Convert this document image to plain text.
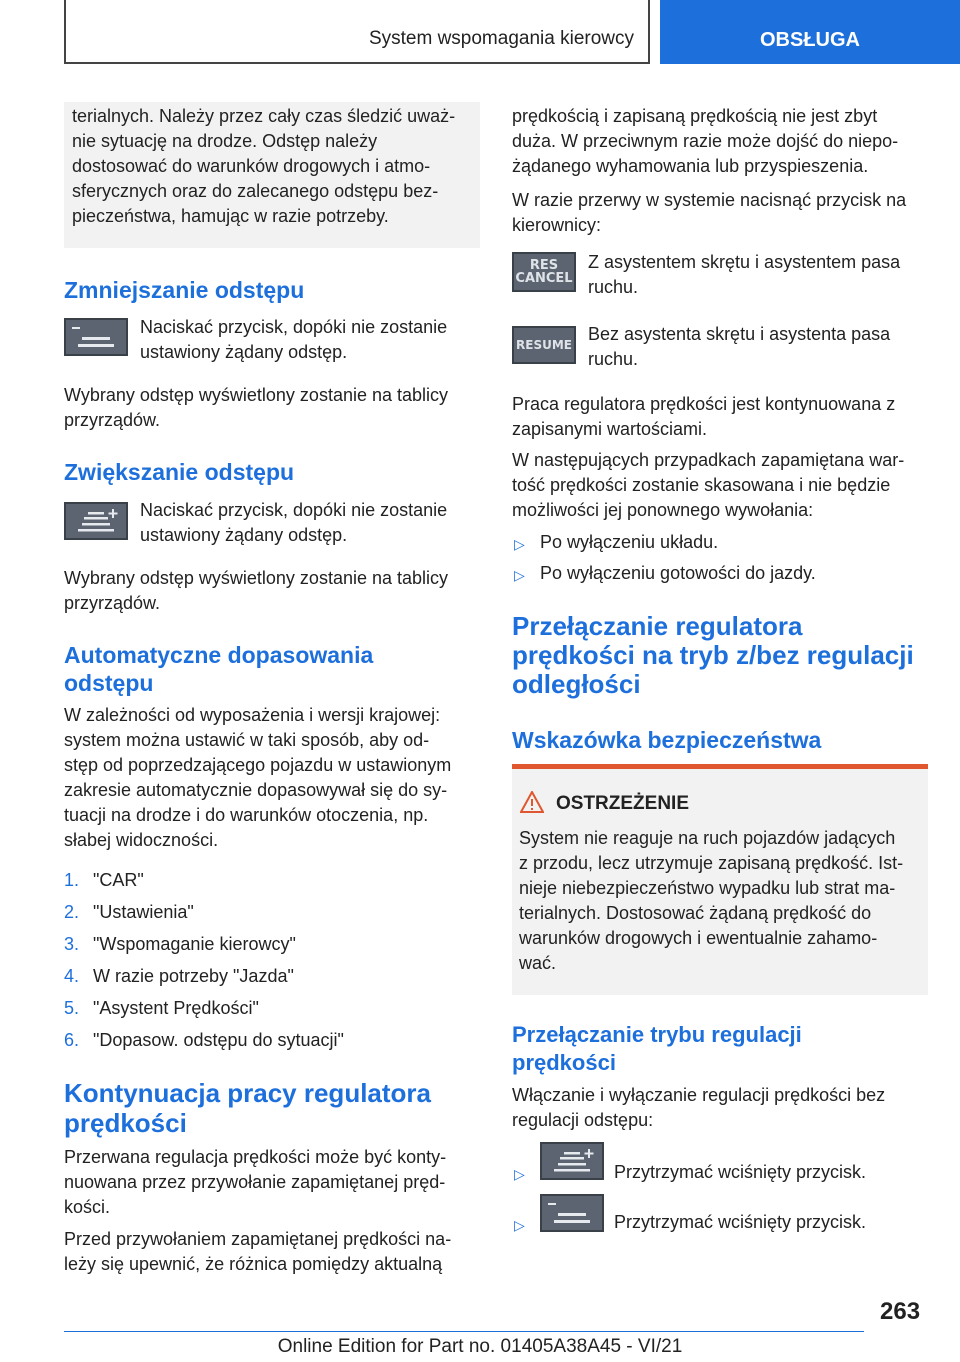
System wspomagania kierowcy	OBSŁUGA
terialnych. Należy przez cały czas śledzić uważ-
nie sytuację na drodze. Odstęp należy
dostosować do warunków drogowych i atmo-
sferycznych oraz do zalecanego odstępu bez-
pieczeństwa, hamując w razie potrzeby.
Zmniejszanie odstępu
Naciskać przycisk, dopóki nie zostanie
ustawiony żądany odstęp.
Wybrany odstęp wyświetlony zostanie na tablicy
przyrządów.
Zwiększanie odstępu
Naciskać przycisk, dopóki nie zostanie
ustawiony żądany odstęp.
Wybrany odstęp wyświetlony zostanie na tablicy
przyrządów.
Automatyczne dopasowania
odstępu
W zależności od wyposażenia i wersji krajowej:
system można ustawić w taki sposób, aby od-
stęp od poprzedzającego pojazdu w ustawionym
zakresie automatycznie dopasowywał się do sy-
tuacji na drodze i do warunków otoczenia, np.
słabej widoczności.
1. "CAR"
2. "Ustawienia"
3. "Wspomaganie kierowcy"
4. W razie potrzeby "Jazda"
5. "Asystent Prędkości"
6. "Dopasow. odstępu do sytuacji"
Kontynuacja pracy regulatora
prędkości
Przerwana regulacja prędkości może być konty-
nuowana przez przywołanie zapamiętanej pręd-
kości.
Przed przywołaniem zapamiętanej prędkości na-
leży się upewnić, że różnica pomiędzy aktualną
prędkością i zapisaną prędkością nie jest zbyt
duża. W przeciwnym razie może dojść do niepo-
żądanego wyhamowania lub przyspieszenia.
W razie przerwy w systemie nacisnąć przycisk na
kierownicy:
RES
CANCEL
Z asystentem skrętu i asystentem pasa
ruchu.
RESUME
Bez asystenta skrętu i asystenta pasa
ruchu.
Praca regulatora prędkości jest kontynuowana z
zapisanymi wartościami.
W następujących przypadkach zapamiętana war-
tość prędkości zostanie skasowana i nie będzie
możliwości jej ponownego wywołania:
▷ Po wyłączeniu układu.
▷ Po wyłączeniu gotowości do jazdy.
Przełączanie regulatora
prędkości na tryb z/bez regulacji
odległości
Wskazówka bezpieczeństwa
OSTRZEŻENIE
System nie reaguje na ruch pojazdów jadących
z przodu, lecz utrzymuje zapisaną prędkość. Ist-
nieje niebezpieczeństwo wypadku lub strat ma-
terialnych. Dostosować żądaną prędkość do
warunków drogowych i ewentualnie zahamo-
wać.
Przełączanie trybu regulacji
prędkości
Włączanie i wyłączanie regulacji prędkości bez
regulacji odstępu:
▷	Przytrzymać wciśnięty przycisk.
▷	Przytrzymać wciśnięty przycisk.
263
Online Edition for Part no. 01405A38A45 - VI/21
